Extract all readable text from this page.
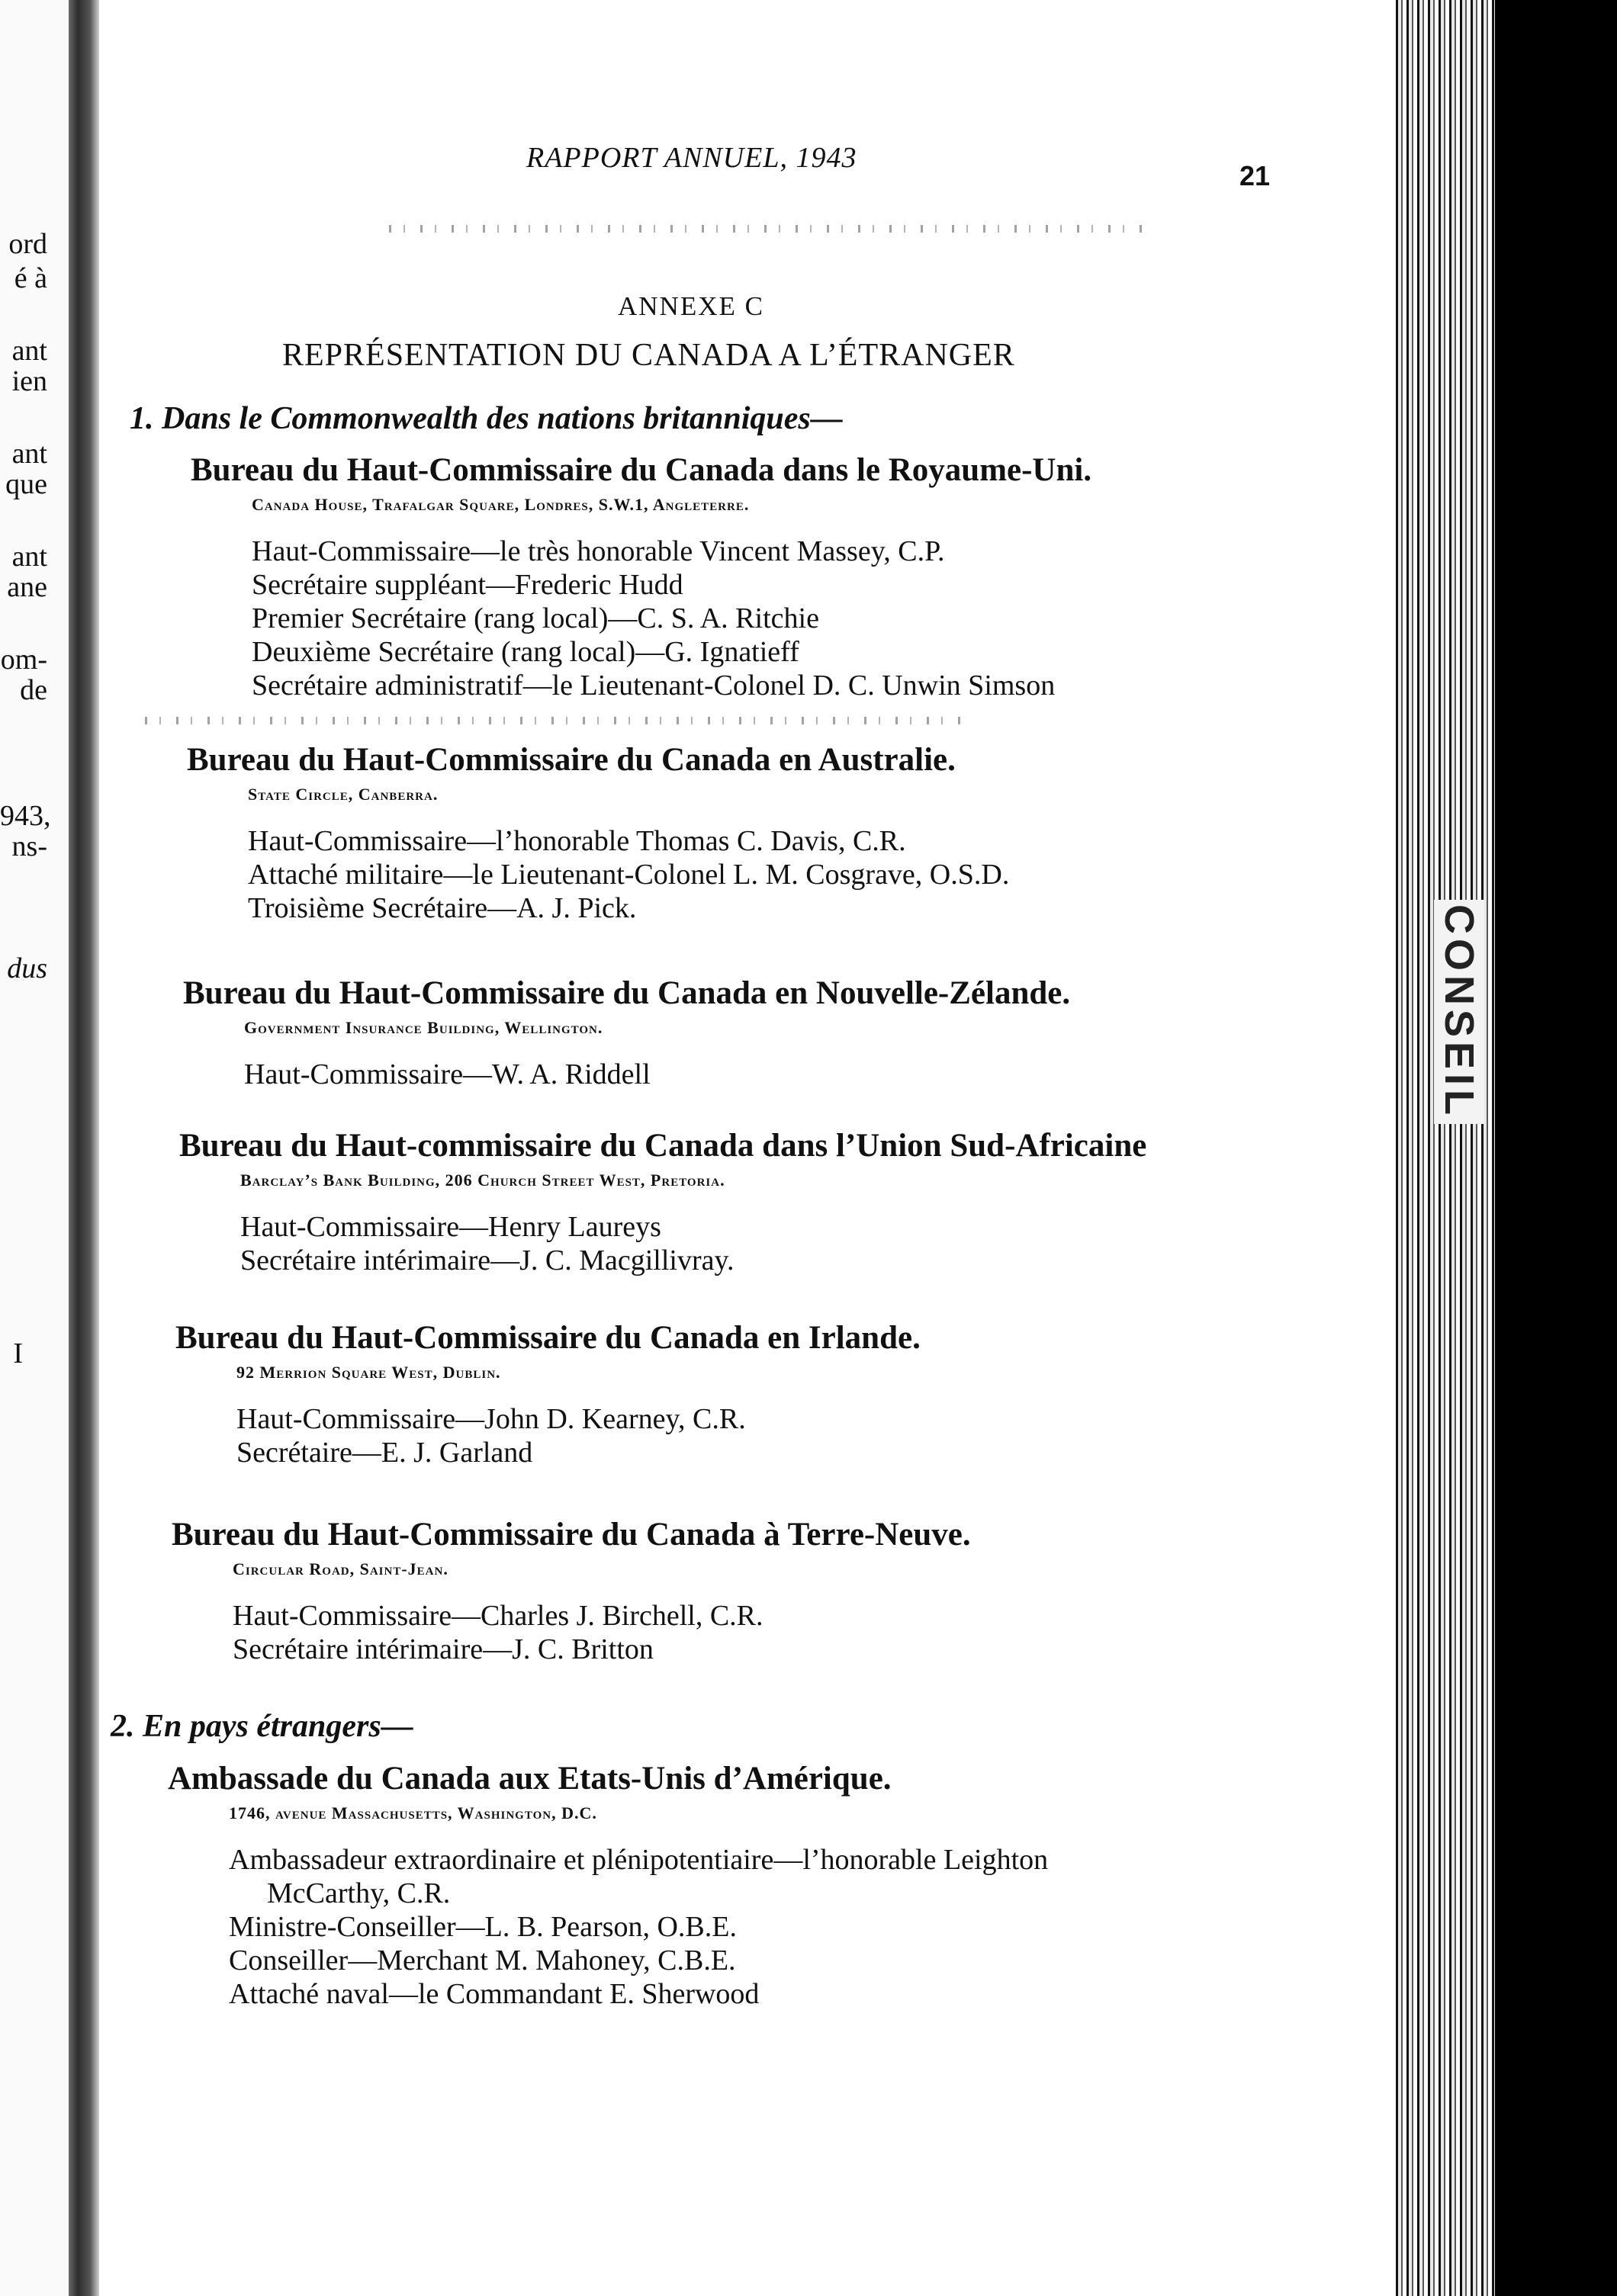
ord
é à
ant
ien
ant
que
ant
ane
om-
de
943,
ns-
dus
I
CONSEIL
RAPPORT ANNUEL, 1943
21
ANNEXE C
REPRÉSENTATION DU CANADA A L’ÉTRANGER
1. Dans le Commonwealth des nations britanniques—
Bureau du Haut-Commissaire du Canada dans le Royaume-Uni.
Canada House, Trafalgar Square, Londres, S.W.1, Angleterre.
Haut-Commissaire—le très honorable Vincent Massey, C.P.
Secrétaire suppléant—Frederic Hudd
Premier Secrétaire (rang local)—C. S. A. Ritchie
Deuxième Secrétaire (rang local)—G. Ignatieff
Secrétaire administratif—le Lieutenant-Colonel D. C. Unwin Simson
Bureau du Haut-Commissaire du Canada en Australie.
State Circle, Canberra.
Haut-Commissaire—l’honorable Thomas C. Davis, C.R.
Attaché militaire—le Lieutenant-Colonel L. M. Cosgrave, O.S.D.
Troisième Secrétaire—A. J. Pick.
Bureau du Haut-Commissaire du Canada en Nouvelle-Zélande.
Government Insurance Building, Wellington.
Haut-Commissaire—W. A. Riddell
Bureau du Haut-commissaire du Canada dans l’Union Sud-Africaine
Barclay’s Bank Building, 206 Church Street West, Pretoria.
Haut-Commissaire—Henry Laureys
Secrétaire intérimaire—J. C. Macgillivray.
Bureau du Haut-Commissaire du Canada en Irlande.
92 Merrion Square West, Dublin.
Haut-Commissaire—John D. Kearney, C.R.
Secrétaire—E. J. Garland
Bureau du Haut-Commissaire du Canada à Terre-Neuve.
Circular Road, Saint-Jean.
Haut-Commissaire—Charles J. Birchell, C.R.
Secrétaire intérimaire—J. C. Britton
2. En pays étrangers—
Ambassade du Canada aux Etats-Unis d’Amérique.
1746, avenue Massachusetts, Washington, D.C.
Ambassadeur extraordinaire et plénipotentiaire—l’honorable Leighton
McCarthy, C.R.
Ministre-Conseiller—L. B. Pearson, O.B.E.
Conseiller—Merchant M. Mahoney, C.B.E.
Attaché naval—le Commandant E. Sherwood
